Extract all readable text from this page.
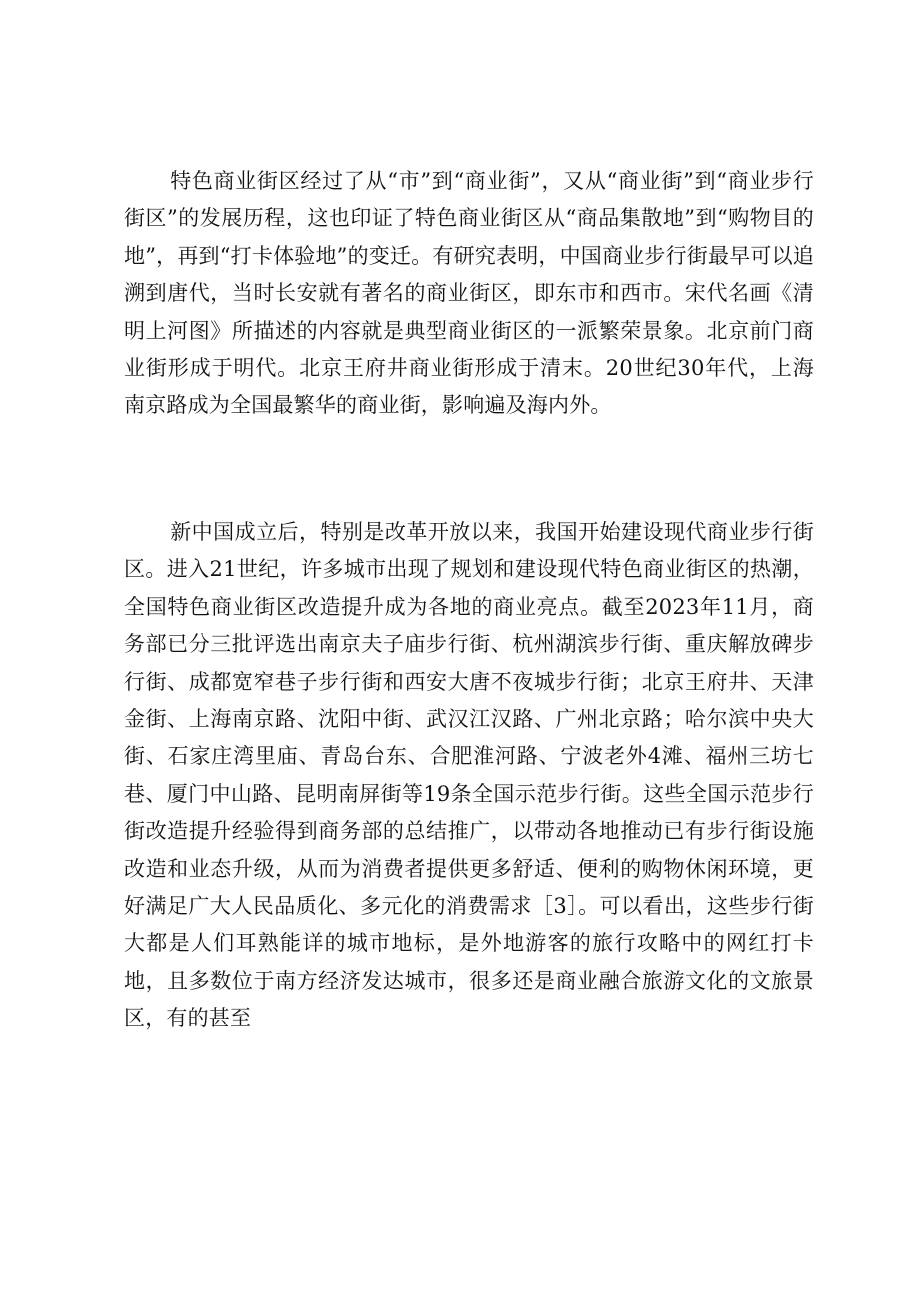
特色商业街区经过了从“市”到“商业街”，又从“商业街”到“商业步行街区”的发展历程，这也印证了特色商业街区从“商品集散地”到“购物目的地”，再到“打卡体验地”的变迁。有研究表明，中国商业步行街最早可以追溯到唐代，当时长安就有著名的商业街区，即东市和西市。宋代名画《清明上河图》所描述的内容就是典型商业街区的一派繁荣景象。北京前门商业街形成于明代。北京王府井商业街形成于清末。20世纪30年代，上海南京路成为全国最繁华的商业街，影响遍及海内外。

新中国成立后，特别是改革开放以来，我国开始建设现代商业步行街区。进入21世纪，许多城市出现了规划和建设现代特色商业街区的热潮，全国特色商业街区改造提升成为各地的商业亮点。截至2023年11月，商务部已分三批评选出南京夫子庙步行街、杭州湖滨步行街、重庆解放碑步行街、成都宽窄巷子步行街和西安大唐不夜城步行街；北京王府井、天津金街、上海南京路、沈阳中街、武汉江汉路、广州北京路；哈尔滨中央大街、石家庄湾里庙、青岛台东、合肥淮河路、宁波老外4滩、福州三坊七巷、厦门中山路、昆明南屏街等19条全国示范步行街。这些全国示范步行街改造提升经验得到商务部的总结推广，以带动各地推动已有步行街设施改造和业态升级，从而为消费者提供更多舒适、便利的购物休闲环境，更好满足广大人民品质化、多元化的消费需求［3］。可以看出，这些步行街大都是人们耳熟能详的城市地标，是外地游客的旅行攻略中的网红打卡地，且多数位于南方经济发达城市，很多还是商业融合旅游文化的文旅景区，有的甚至
